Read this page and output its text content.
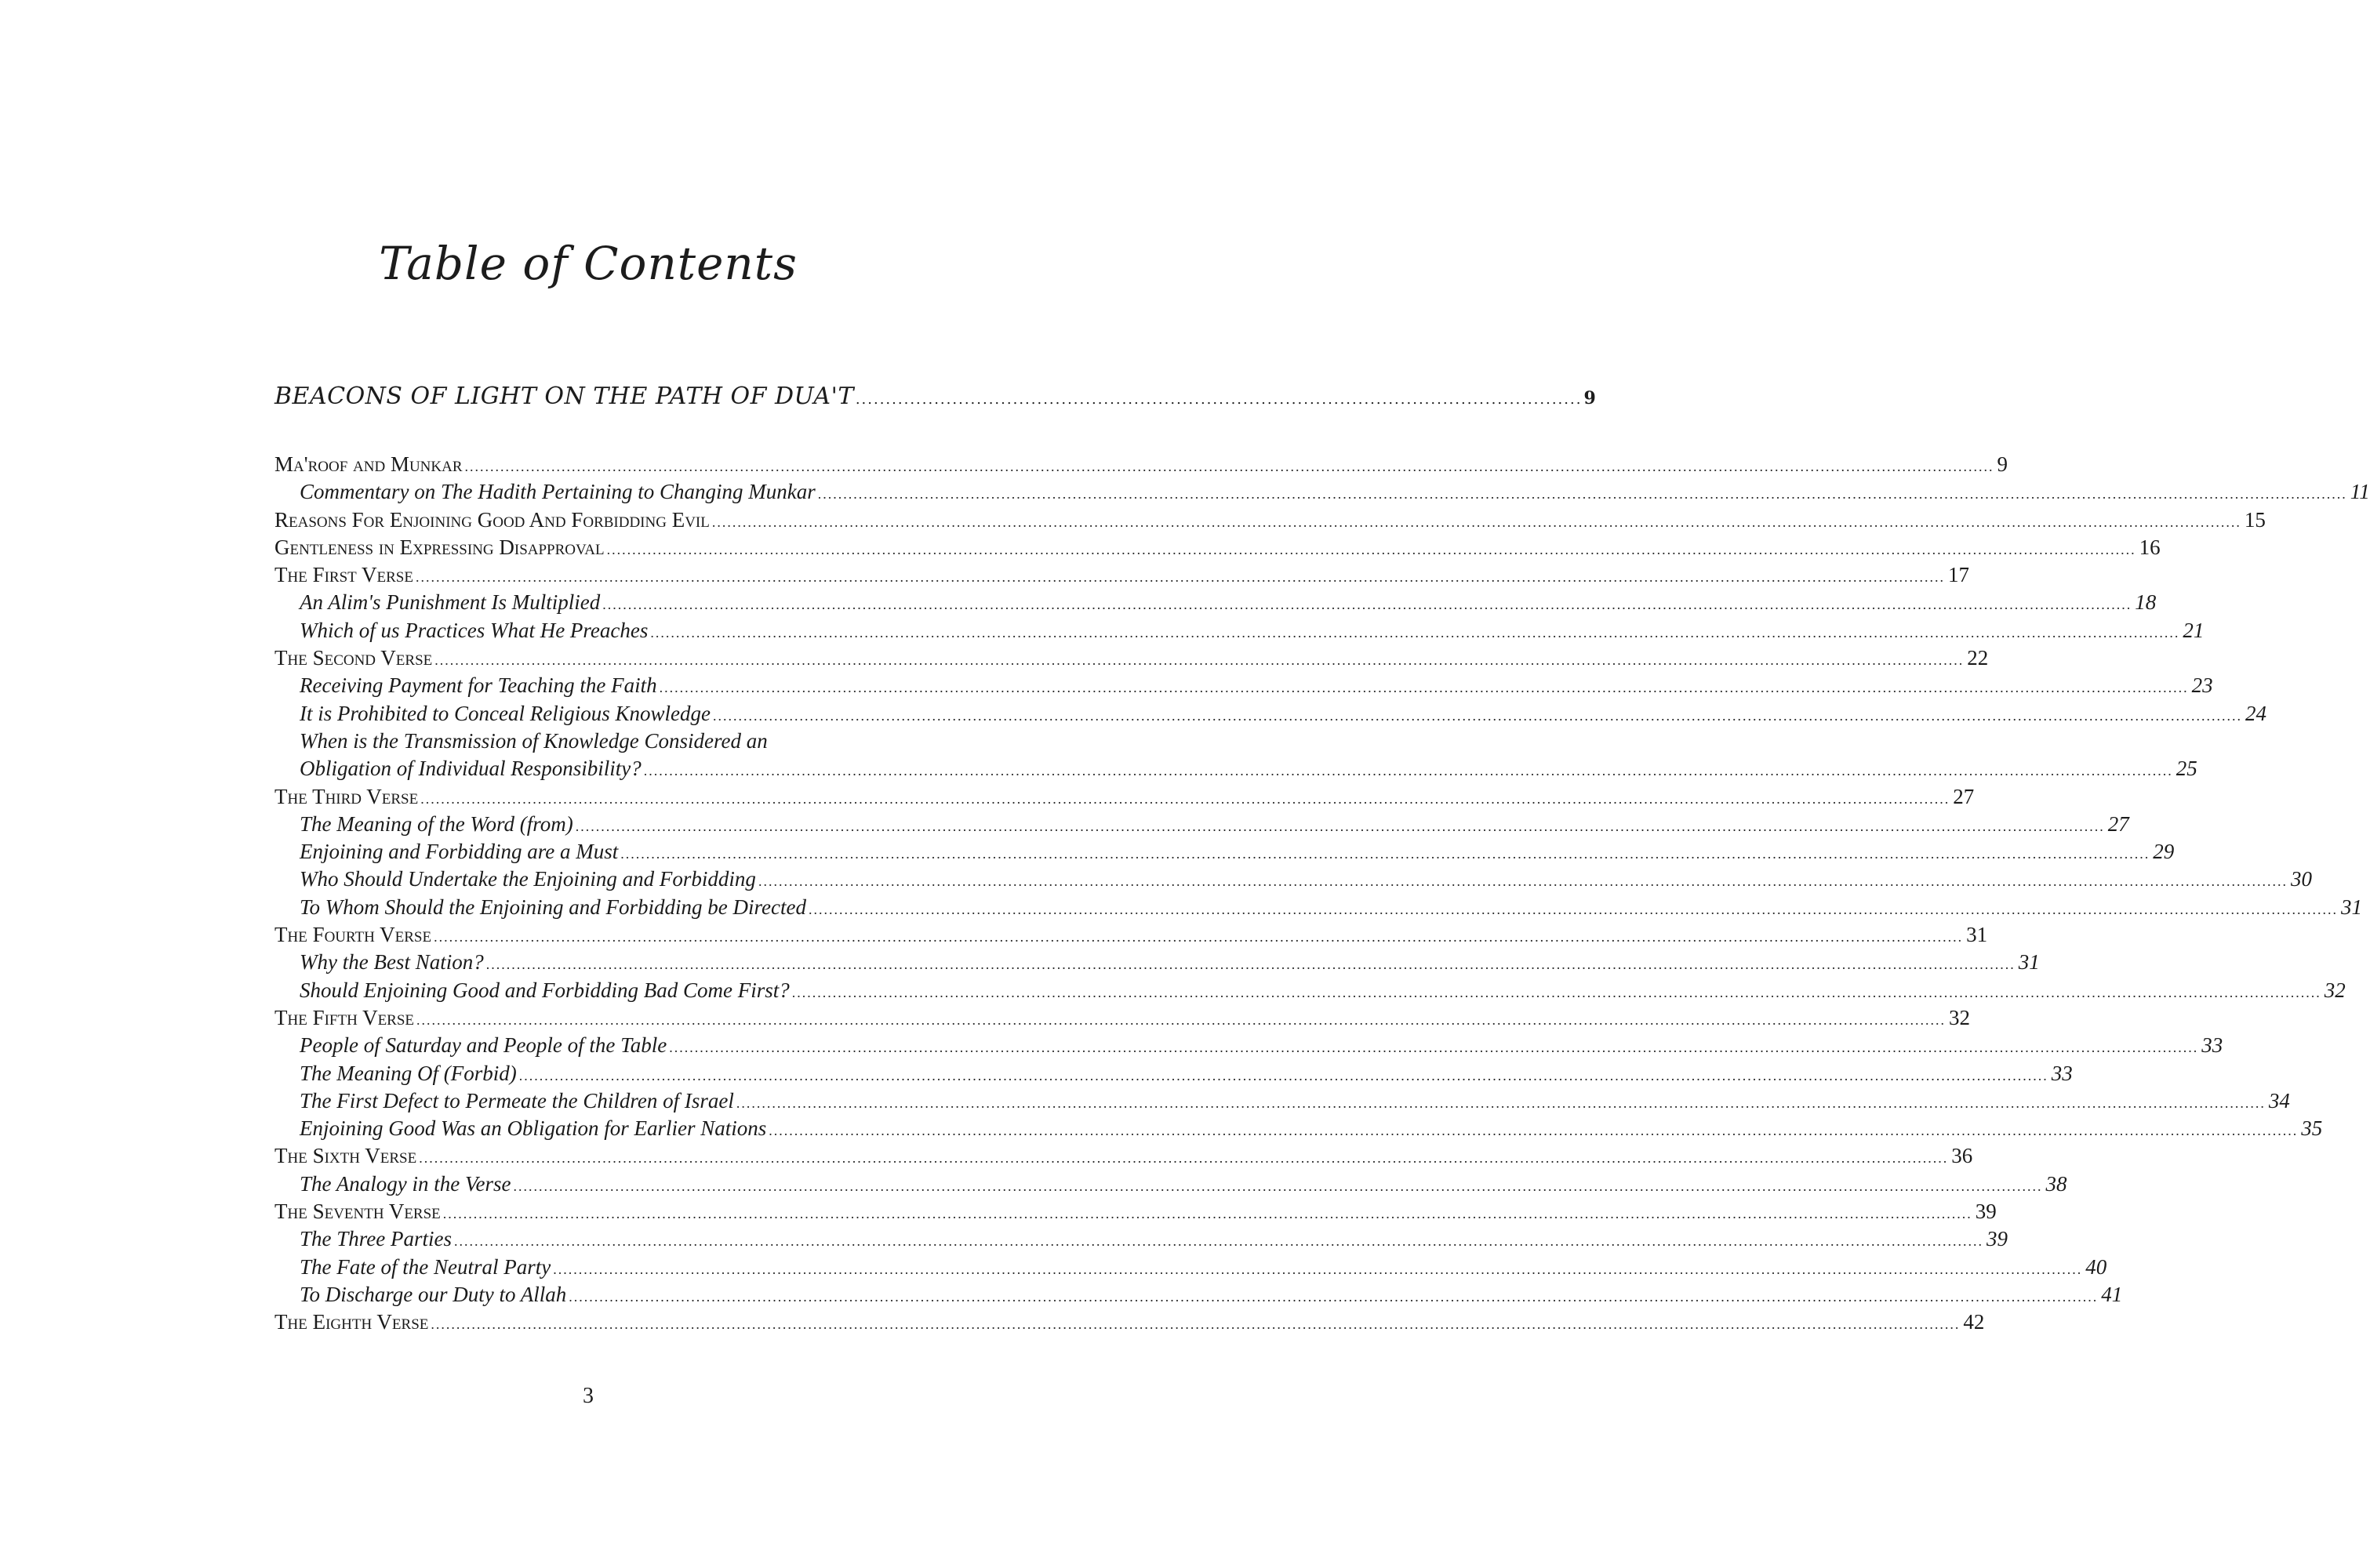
Table of Contents
BEACONS OF LIGHT ON THE PATH OF DUA'T ........................................................................................................................ 9
Ma'roof and Munkar ............................................................................................................................................................................................................................................................................................................ 9
Commentary on The Hadith Pertaining to Changing Munkar ............................................................................................................................................................................................................................................................................................................ 11
Reasons For Enjoining Good And Forbidding Evil ............................................................................................................................................................................................................................................................................................................ 15
Gentleness in Expressing Disapproval ............................................................................................................................................................................................................................................................................................................ 16
The First Verse ............................................................................................................................................................................................................................................................................................................ 17
An Alim's Punishment Is Multiplied ............................................................................................................................................................................................................................................................................................................ 18
Which of us Practices What He Preaches ............................................................................................................................................................................................................................................................................................................ 21
The Second Verse ............................................................................................................................................................................................................................................................................................................ 22
Receiving Payment for Teaching the Faith ............................................................................................................................................................................................................................................................................................................ 23
It is Prohibited to Conceal Religious Knowledge ............................................................................................................................................................................................................................................................................................................ 24
When is the Transmission of Knowledge Considered an
Obligation of Individual Responsibility? ............................................................................................................................................................................................................................................................................................................ 25
The Third Verse ............................................................................................................................................................................................................................................................................................................ 27
The Meaning of the Word (from) ............................................................................................................................................................................................................................................................................................................ 27
Enjoining and Forbidding are a Must ............................................................................................................................................................................................................................................................................................................ 29
Who Should Undertake the Enjoining and Forbidding ............................................................................................................................................................................................................................................................................................................ 30
To Whom Should the Enjoining and Forbidding be Directed ............................................................................................................................................................................................................................................................................................................ 31
The Fourth Verse ............................................................................................................................................................................................................................................................................................................ 31
Why the Best Nation? ............................................................................................................................................................................................................................................................................................................ 31
Should Enjoining Good and Forbidding Bad Come First? ............................................................................................................................................................................................................................................................................................................ 32
The Fifth Verse ............................................................................................................................................................................................................................................................................................................ 32
People of Saturday and People of the Table ............................................................................................................................................................................................................................................................................................................ 33
The Meaning Of (Forbid) ............................................................................................................................................................................................................................................................................................................ 33
The First Defect to Permeate the Children of Israel ............................................................................................................................................................................................................................................................................................................ 34
Enjoining Good Was an Obligation for Earlier Nations ............................................................................................................................................................................................................................................................................................................ 35
The Sixth Verse ............................................................................................................................................................................................................................................................................................................ 36
The Analogy in the Verse ............................................................................................................................................................................................................................................................................................................ 38
The Seventh Verse ............................................................................................................................................................................................................................................................................................................ 39
The Three Parties ............................................................................................................................................................................................................................................................................................................ 39
The Fate of the Neutral Party ............................................................................................................................................................................................................................................................................................................ 40
To Discharge our Duty to Allah ............................................................................................................................................................................................................................................................................................................ 41
The Eighth Verse ............................................................................................................................................................................................................................................................................................................ 42
3
